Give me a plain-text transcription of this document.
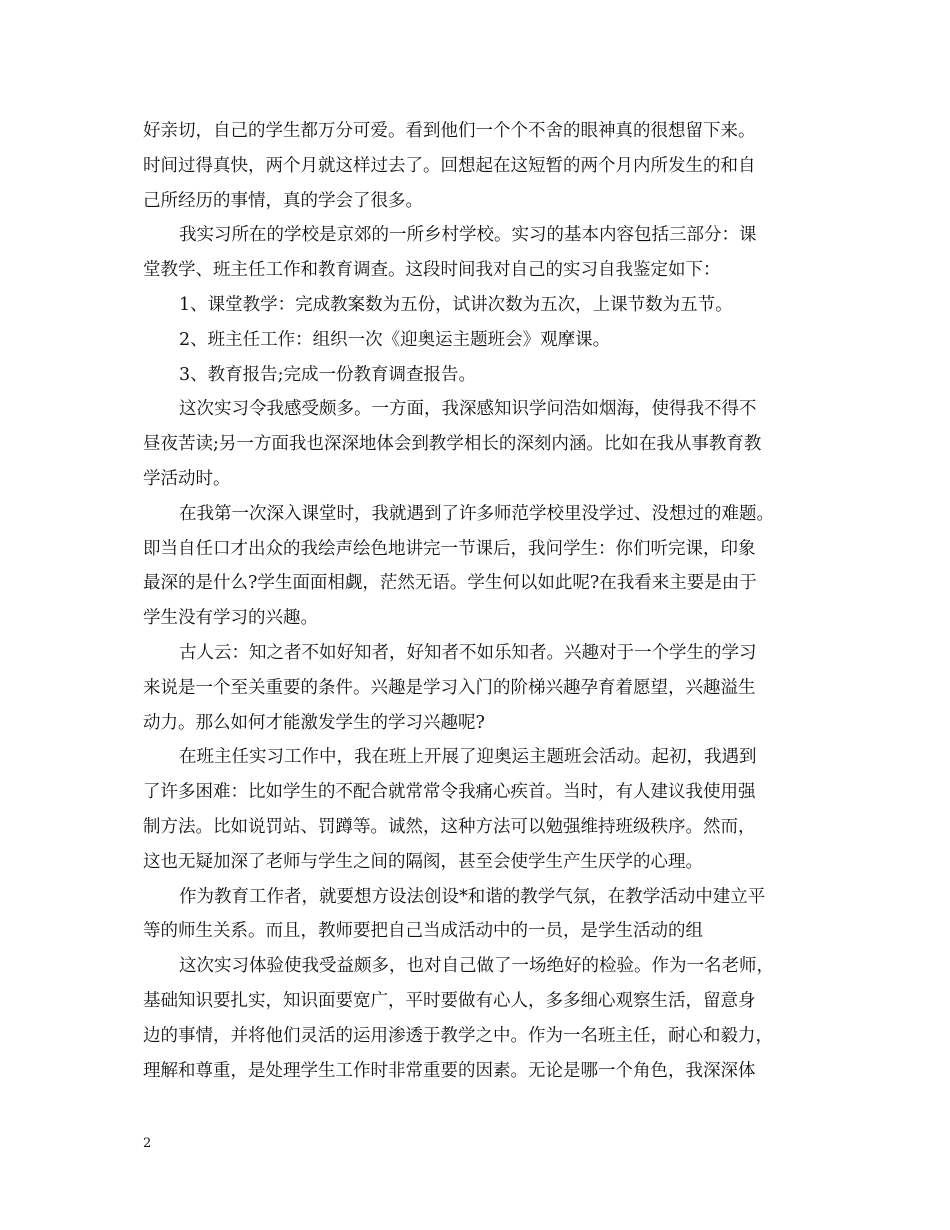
好亲切，自己的学生都万分可爱。看到他们一个个不舍的眼神真的很想留下来。
时间过得真快，两个月就这样过去了。回想起在这短暂的两个月内所发生的和自
己所经历的事情，真的学会了很多。
我实习所在的学校是京郊的一所乡村学校。实习的基本内容包括三部分：课
堂教学、班主任工作和教育调查。这段时间我对自己的实习自我鉴定如下：
1、课堂教学：完成教案数为五份，试讲次数为五次，上课节数为五节。
2、班主任工作：组织一次《迎奥运主题班会》观摩课。
3、教育报告;完成一份教育调查报告。
这次实习令我感受颇多。一方面，我深感知识学问浩如烟海，使得我不得不
昼夜苦读;另一方面我也深深地体会到教学相长的深刻内涵。比如在我从事教育教
学活动时。
在我第一次深入课堂时，我就遇到了许多师范学校里没学过、没想过的难题。
即当自任口才出众的我绘声绘色地讲完一节课后，我问学生：你们听完课，印象
最深的是什么?学生面面相觑，茫然无语。学生何以如此呢?在我看来主要是由于
学生没有学习的兴趣。
古人云：知之者不如好知者，好知者不如乐知者。兴趣对于一个学生的学习
来说是一个至关重要的条件。兴趣是学习入门的阶梯兴趣孕育着愿望，兴趣溢生
动力。那么如何才能激发学生的学习兴趣呢?
在班主任实习工作中，我在班上开展了迎奥运主题班会活动。起初，我遇到
了许多困难：比如学生的不配合就常常令我痛心疾首。当时，有人建议我使用强
制方法。比如说罚站、罚蹲等。诚然，这种方法可以勉强维持班级秩序。然而，
这也无疑加深了老师与学生之间的隔阂，甚至会使学生产生厌学的心理。
作为教育工作者，就要想方设法创设*和谐的教学气氛，在教学活动中建立平
等的师生关系。而且，教师要把自己当成活动中的一员，是学生活动的组
这次实习体验使我受益颇多，也对自己做了一场绝好的检验。作为一名老师，
基础知识要扎实，知识面要宽广，平时要做有心人，多多细心观察生活，留意身
边的事情，并将他们灵活的运用渗透于教学之中。作为一名班主任，耐心和毅力，
理解和尊重，是处理学生工作时非常重要的因素。无论是哪一个角色，我深深体
2
